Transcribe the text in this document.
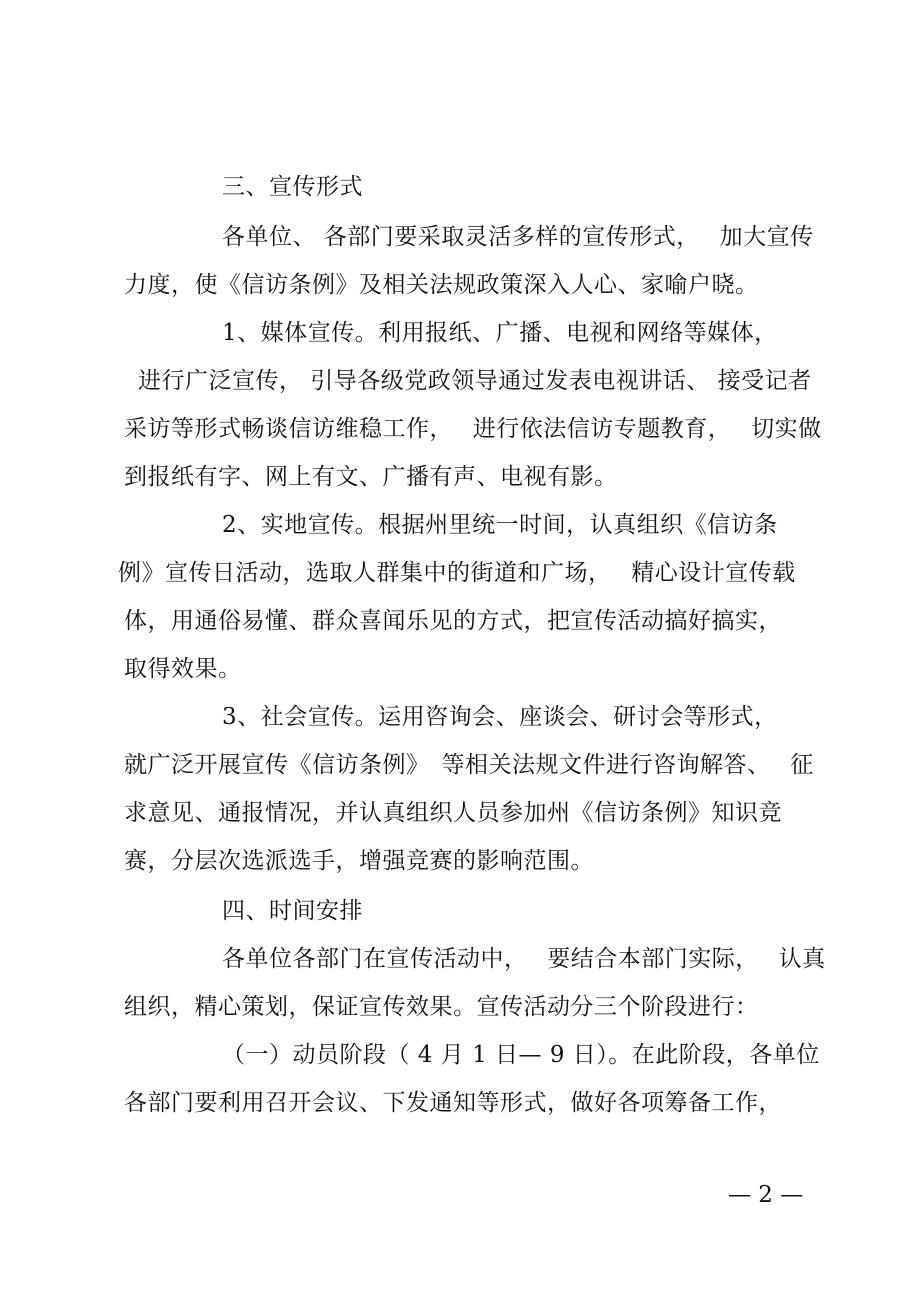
三、宣传形式
各单位、 各部门要采取灵活多样的宣传形式，　 加大宣传
力度，使《信访条例》及相关法规政策深入人心、家喻户晓。
1、媒体宣传。利用报纸、广播、电视和网络等媒体，
进行广泛宣传， 引导各级党政领导通过发表电视讲话、 接受记者
采访等形式畅谈信访维稳工作，　 进行依法信访专题教育，　 切实做
到报纸有字、网上有文、广播有声、电视有影。
2、实地宣传。根据州里统一时间，认真组织《信访条
例》宣传日活动，选取人群集中的街道和广场，　 精心设计宣传载
体，用通俗易懂、群众喜闻乐见的方式，把宣传活动搞好搞实，
取得效果。
3、社会宣传。运用咨询会、座谈会、研讨会等形式，
就广泛开展宣传《信访条例》　等相关法规文件进行咨询解答、　 征
求意见、通报情况，并认真组织人员参加州《信访条例》知识竞
赛，分层次选派选手，增强竞赛的影响范围。
四、时间安排
各单位各部门在宣传活动中，　 要结合本部门实际，　 认真
组织，精心策划，保证宣传效果。宣传活动分三个阶段进行：
（一）动员阶段（ 4 月 1 日— 9 日）。在此阶段，各单位
各部门要利用召开会议、下发通知等形式，做好各项筹备工作，
— 2 —
